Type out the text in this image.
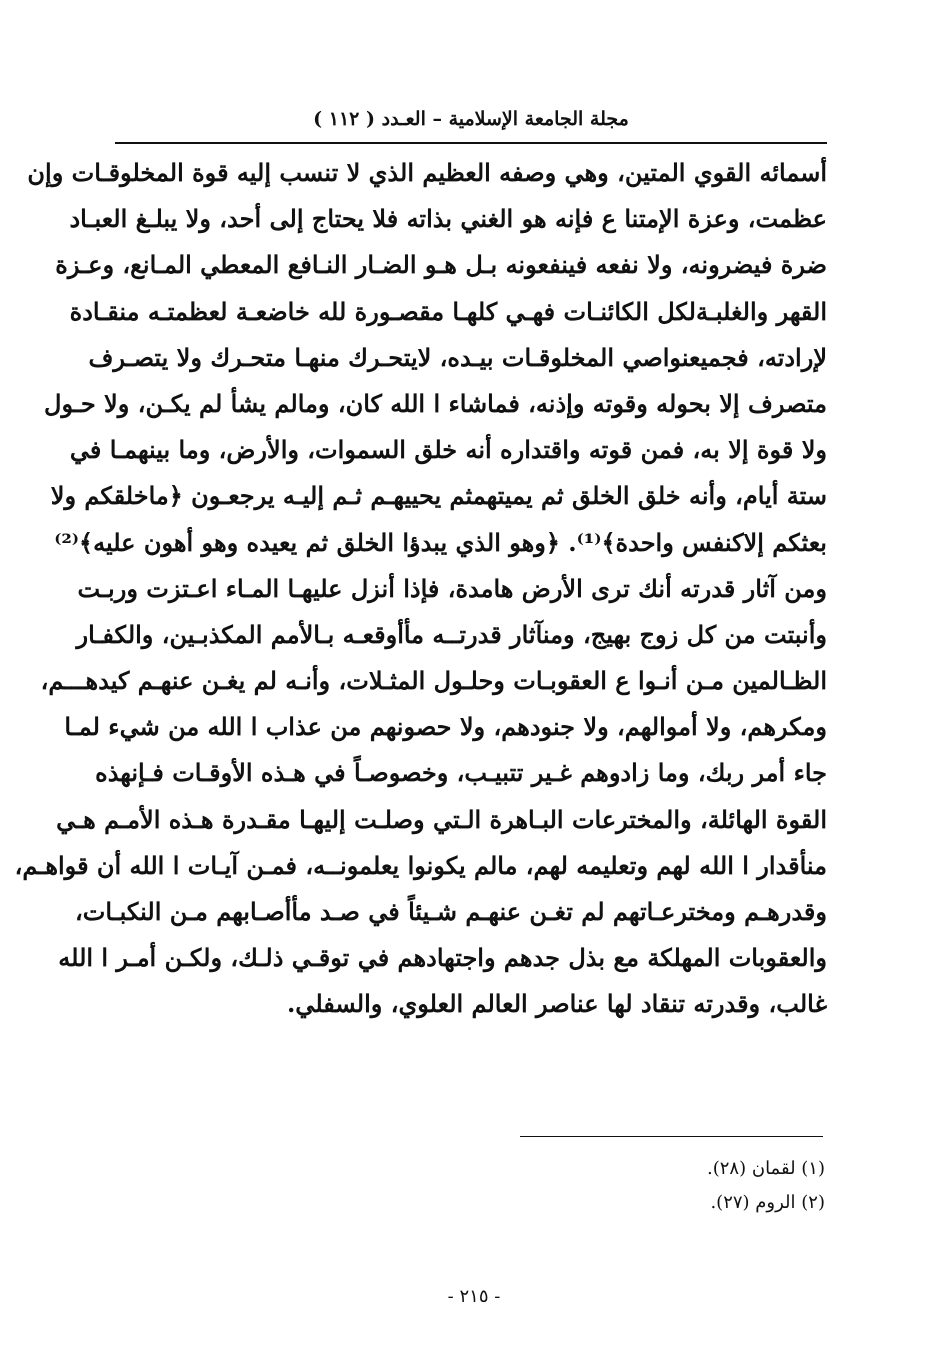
مجلة الجامعة الإسلامية – العـدد ( ١١٢ )
أسمائه القوي المتين، وهي وصفه العظيم الذي لا تنسب إليه قوة المخلوقـات وإن
عظمت، وعزة الإمتنا ع فإنه هو الغني بذاته فلا يحتاج إلى أحد، ولا يبلـغ العبـاد
ضرة فيضرونه، ولا نفعه فينفعونه بـل هـو الضـار النـافع المعطي المـانع، وعـزة
القهر والغلبـةلكل الكائنـات فهـي كلهـا مقصـورة لله خاضعـة لعظمتـه منقـادة
لإرادته، فجميعنواصي المخلوقـات بيـده، لايتحـرك منهـا متحـرك ولا يتصـرف
متصرف إلا بحوله وقوته وإذنه، فماشاء ا الله كان، ومالم يشأ لم يكـن، ولا حـول
ولا قوة إلا به، فمن قوته واقتداره أنه خلق السموات، والأرض، وما بينهمـا في
ستة أيام، وأنه خلق الخلق ثم يميتهمثم يحييهـم ثـم إليـه يرجعـون ﴿ماخلقكم ولا
بعثكم إلاكنفس واحدة﴾⁽¹⁾. ﴿وهو الذي يبدؤا الخلق ثم يعيده وهو أهون عليه﴾⁽²⁾
ومن آثار قدرته أنك ترى الأرض هامدة، فإذا أنزل عليهـا المـاء اعـتزت وربـت
وأنبتت من كل زوج بهيج، ومنآثار قدرتــه مأأوقعـه بـالأمم المكذبـين، والكفـار
الظـالمين مـن أنـوا ع العقوبـات وحلـول المثـلات، وأنـه لم يغـن عنهـم كيدهـــم،
ومكرهم، ولا أموالهم، ولا جنودهم، ولا حصونهم من عذاب ا الله من شيء لمـا
جاء أمر ربك، وما زادوهم غـير تتبيـب، وخصوصـاً في هـذه الأوقـات فـإنهذه
القوة الهائلة، والمخترعات البـاهرة الـتي وصلـت إليهـا مقـدرة هـذه الأمـم هـي
منأقدار ا الله لهم وتعليمه لهم، مالم يكونوا يعلمونــه، فمـن آيـات ا الله أن قواهـم،
وقدرهـم ومخترعـاتهم لم تغـن عنهـم شـيئاً في صـد مأأصـابهم مـن النكبـات،
والعقوبات المهلكة مع بذل جدهم واجتهادهم في توقـي ذلـك، ولكـن أمـر ا الله
غالب، وقدرته تنقاد لها عناصر العالم العلوي، والسفلي.
(١) لقمان (٢٨).
(٢) الروم (٢٧).
- ٢١٥ -
